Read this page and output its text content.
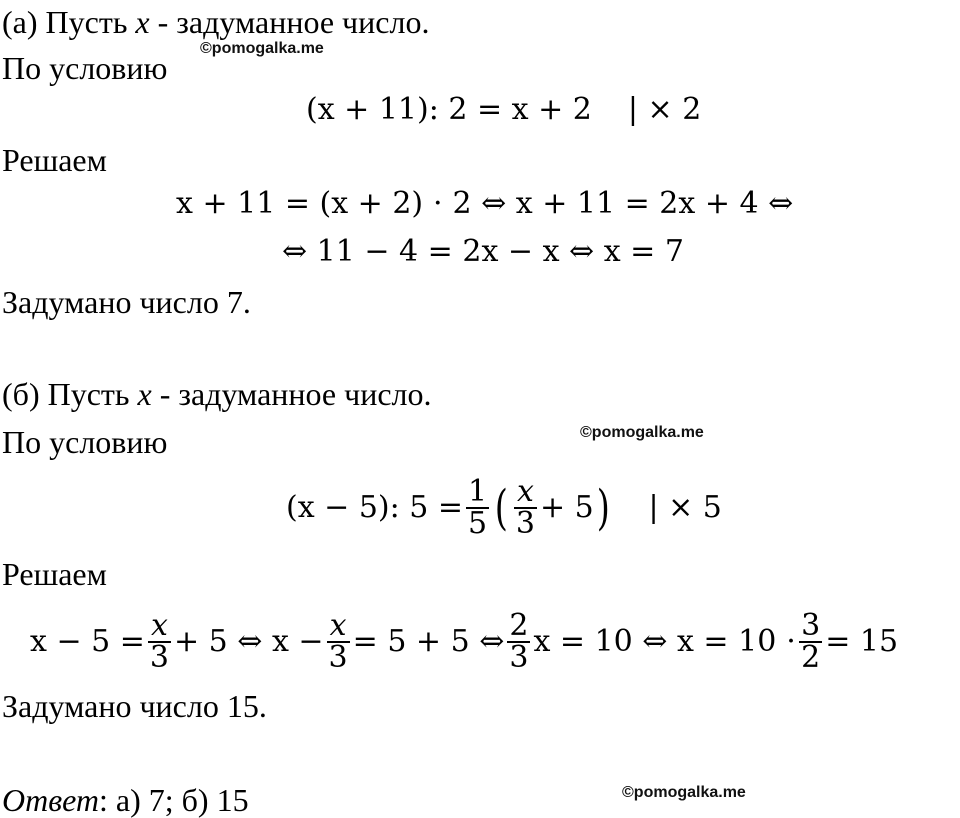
(а) Пусть x - задуманное число.
По условию
©pomogalka.me
(x + 11): 2 = x + 2 | × 2
Решаем
x + 11 = (x + 2) ⋅ 2 ⇔ x + 11 = 2x + 4 ⇔
⇔ 11 − 4 = 2x − x ⇔ x = 7
Задумано число 7.
(б) Пусть x - задуманное число.
По условию	©pomogalka.me
(x − 5): $5 = \frac{1}{5}$ ( $\frac{x}{3} + 5$ ) | × 5
Решаем
$x - 5 = \frac{x}{3} + 5$ ⇔ $x - \frac{x}{3} = 5 + 5$ ⇔ $\frac{2}{3}$ x = 10 ⇔ $x = 10 \cdot \frac{3}{2} = 15$
Задумано число 15.
Ответ: а) 7; б) 15	©pomogalka.me
